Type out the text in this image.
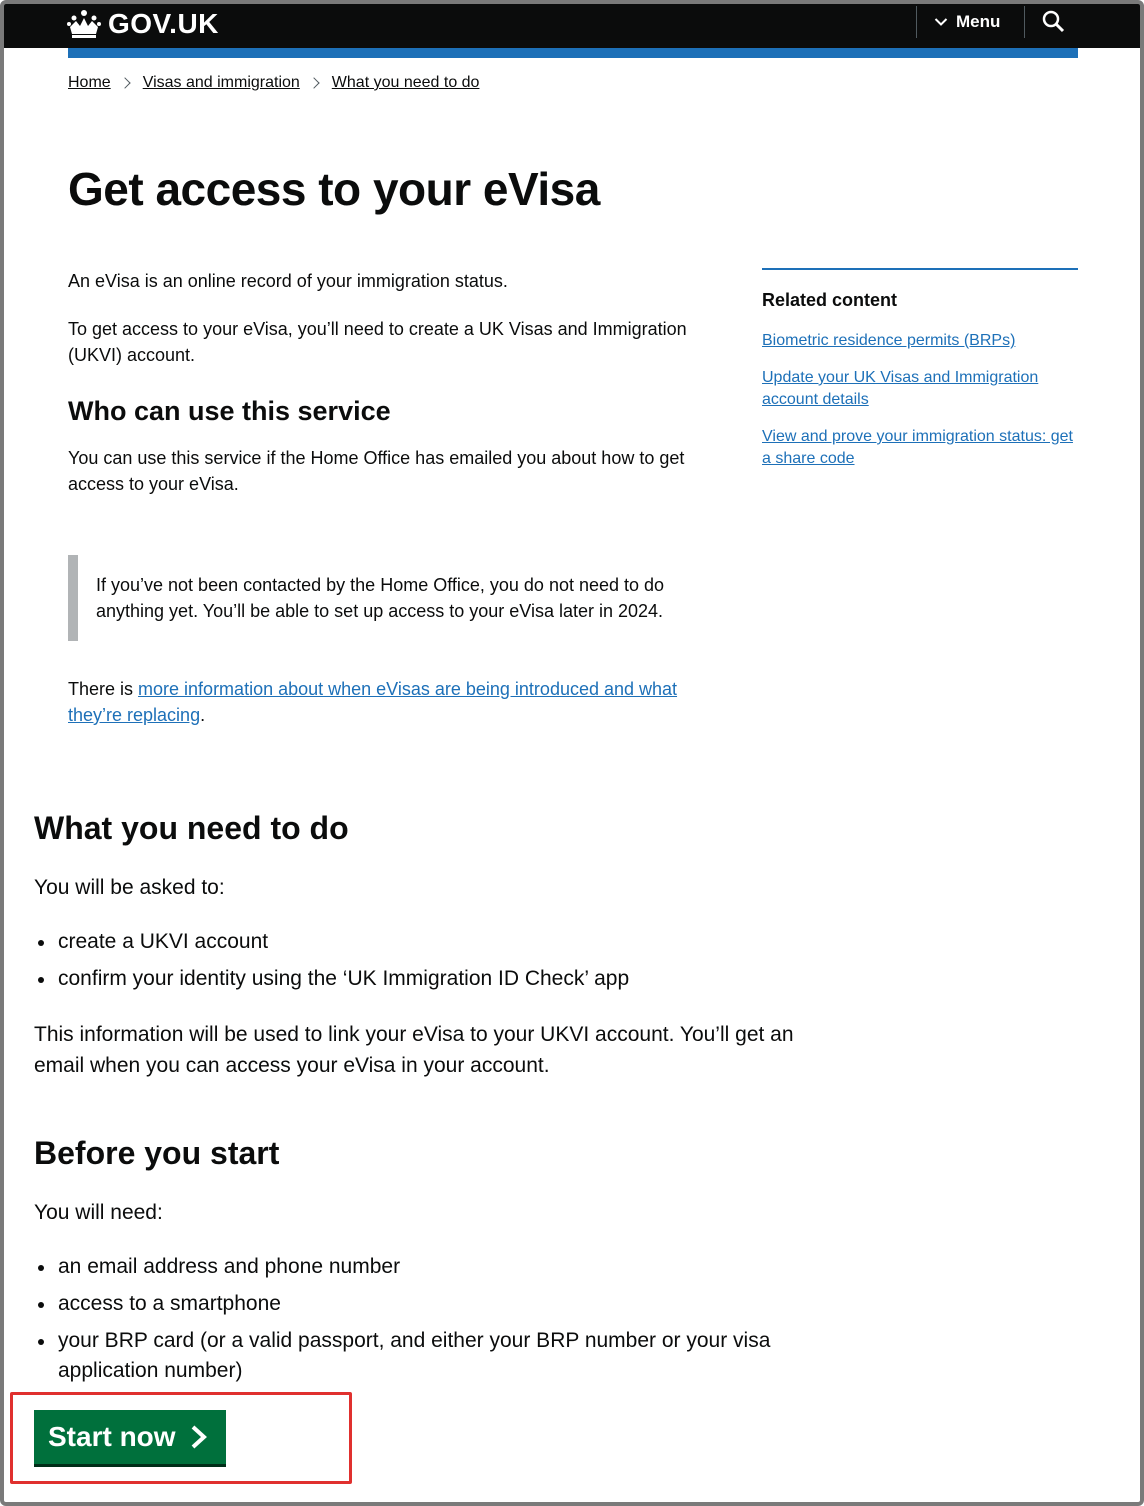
GOV.UK	Menu
Home Visas and immigration What you need to do
Get access to your eVisa

An eVisa is an online record of your immigration status.

To get access to your eVisa, you’ll need to create a UK Visas and Immigration (UKVI) account.

Who can use this service

You can use this service if the Home Office has emailed you about how to get access to your eVisa.

If you’ve not been contacted by the Home Office, you do not need to do anything yet. You’ll be able to set up access to your eVisa later in 2024.

There is more information about when eVisas are being introduced and what they’re replacing.

Related content
Biometric residence permits (BRPs)
Update your UK Visas and Immigration account details
View and prove your immigration status: get a share code
What you need to do

You will be asked to:

create a UKVI account
confirm your identity using the ‘UK Immigration ID Check’ app

This information will be used to link your eVisa to your UKVI account. You’ll get an email when you can access your eVisa in your account.

Before you start

You will need:

an email address and phone number
access to a smartphone
your BRP card (or a valid passport, and either your BRP number or your visa application number)
Start now
